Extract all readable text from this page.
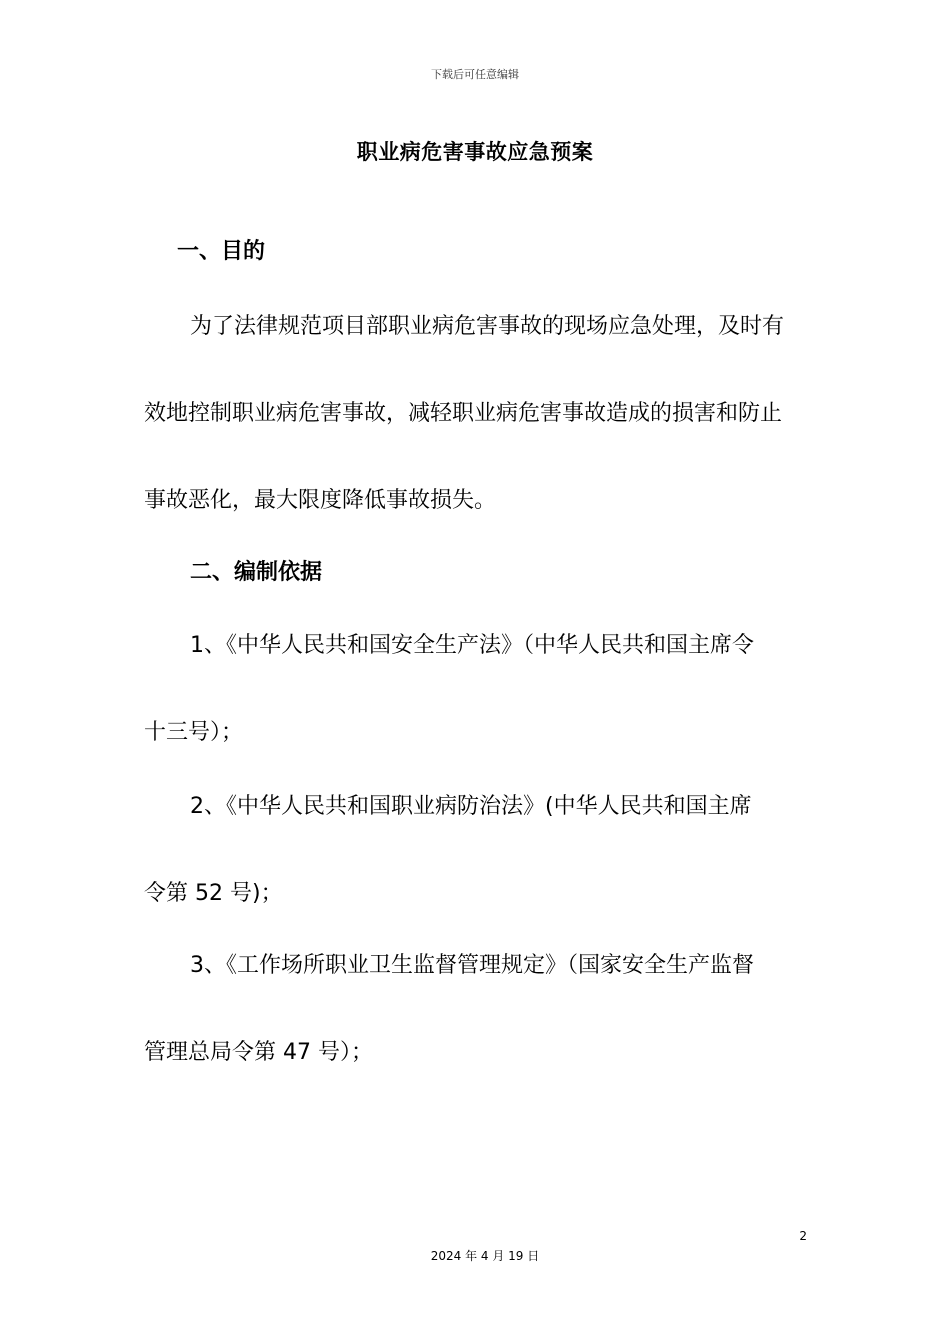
下载后可任意编辑
职业病危害事故应急预案
一、目的
为了法律规范项目部职业病危害事故的现场应急处理，及时有
效地控制职业病危害事故，减轻职业病危害事故造成的损害和防止
事故恶化，最大限度降低事故损失。
二、编制依据
1、《中华人民共和国安全生产法》（中华人民共和国主席令
十三号）；
2、《中华人民共和国职业病防治法》(中华人民共和国主席
令第 52 号)；
3、《工作场所职业卫生监督管理规定》（国家安全生产监督
管理总局令第 47 号）；
2
2024 年 4 月 19 日
